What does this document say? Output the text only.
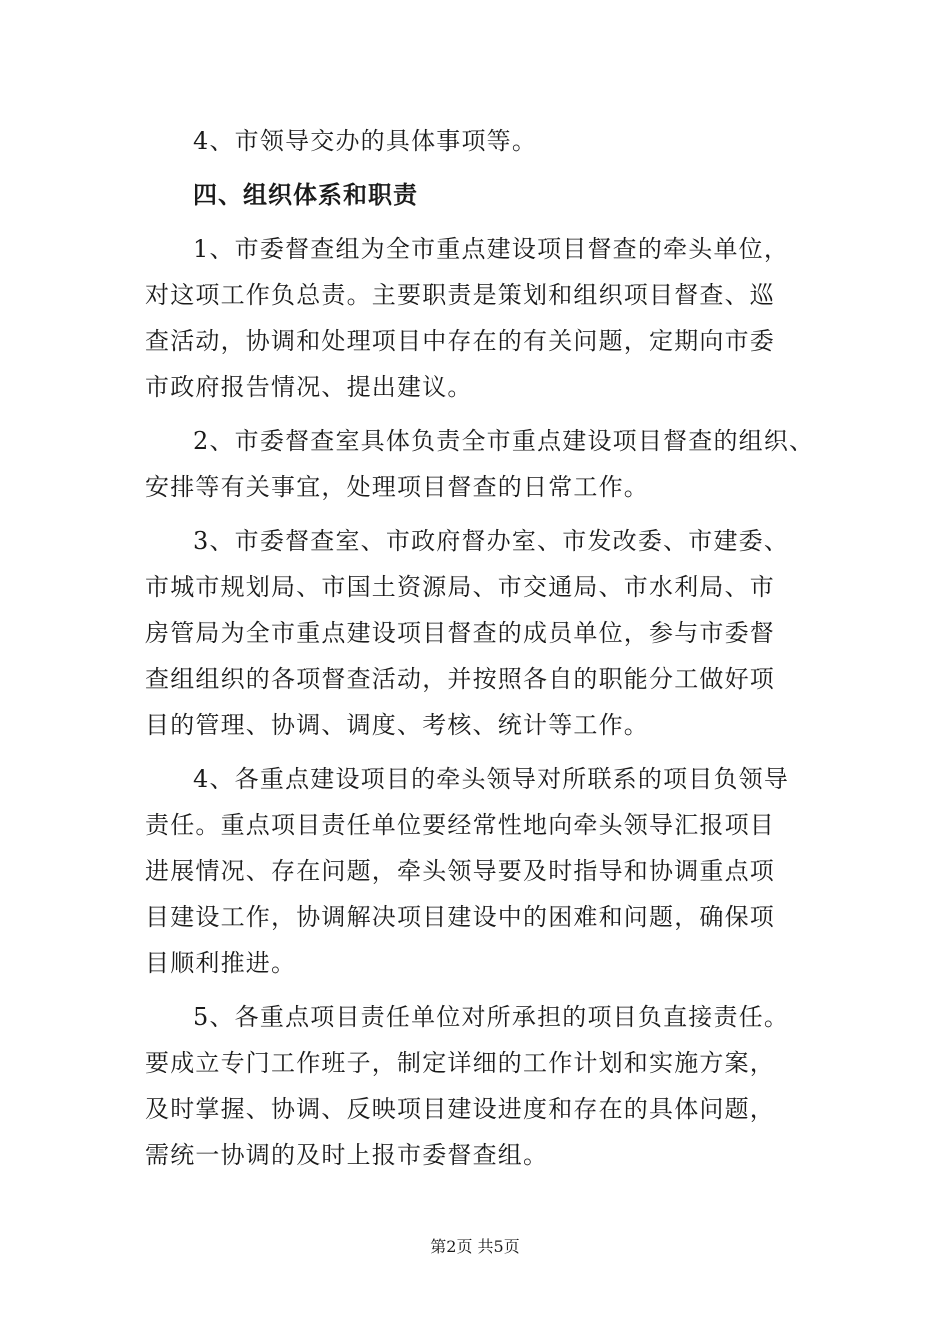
4、市领导交办的具体事项等。
四、组织体系和职责
1、市委督查组为全市重点建设项目督查的牵头单位，
对这项工作负总责。主要职责是策划和组织项目督查、巡
查活动，协调和处理项目中存在的有关问题，定期向市委
市政府报告情况、提出建议。
2、市委督查室具体负责全市重点建设项目督查的组织、
安排等有关事宜，处理项目督查的日常工作。
3、市委督查室、市政府督办室、市发改委、市建委、
市城市规划局、市国土资源局、市交通局、市水利局、市
房管局为全市重点建设项目督查的成员单位，参与市委督
查组组织的各项督查活动，并按照各自的职能分工做好项
目的管理、协调、调度、考核、统计等工作。
4、各重点建设项目的牵头领导对所联系的项目负领导
责任。重点项目责任单位要经常性地向牵头领导汇报项目
进展情况、存在问题，牵头领导要及时指导和协调重点项
目建设工作，协调解决项目建设中的困难和问题，确保项
目顺利推进。
5、各重点项目责任单位对所承担的项目负直接责任。
要成立专门工作班子，制定详细的工作计划和实施方案，
及时掌握、协调、反映项目建设进度和存在的具体问题，
需统一协调的及时上报市委督查组。
第2页 共5页
